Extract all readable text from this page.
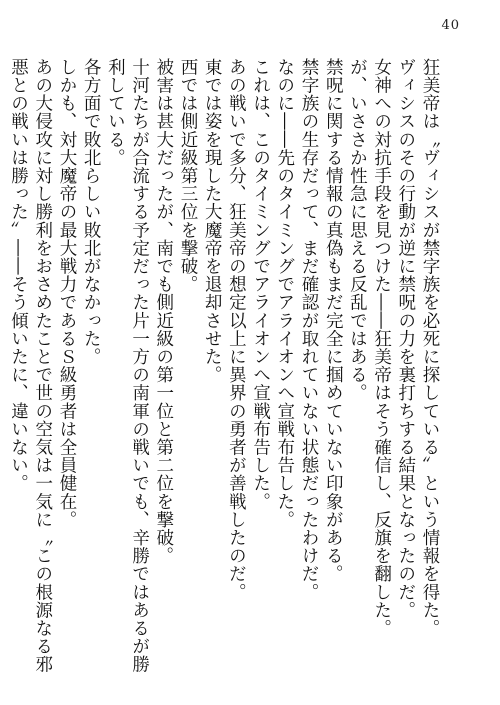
40

狂美帝は〝ヴィシスが禁字族を必死に探している〟という情報を得た。

ヴィシスのその行動が逆に禁呪の力を裏打ちする結果となったのだ。

女神への対抗手段を見つけた――狂美帝はそう確信し、反旗を翻した。

が、いささか性急に思える反乱ではある。

禁呪に関する情報の真偽もまだ完全に掴めていない印象がある。

禁字族の生存だって、まだ確認が取れていない状態だったわけだ。

なのに――先のタイミングでアライオンへ宣戦布告した。

これは、このタイミングでアライオンへ宣戦布告した。

あの戦いで多分、狂美帝の想定以上に異界の勇者が善戦したのだ。

東では姿を現した大魔帝を退却させた。

西では側近級第三位を撃破。

被害は甚大だったが、南でも側近級の第一位と第二位を撃破。

十河たちが合流する予定だった片一方の南軍の戦いでも、辛勝ではあるが勝利している。

各方面で敗北らしい敗北がなかった。

しかも、対大魔帝の最大戦力であるＳ級勇者は全員健在。

あの大侵攻に対し勝利をおさめたことで世の空気は一気に〝この根源なる邪悪との戦いは勝った〟――そう傾いたに、違いない。
